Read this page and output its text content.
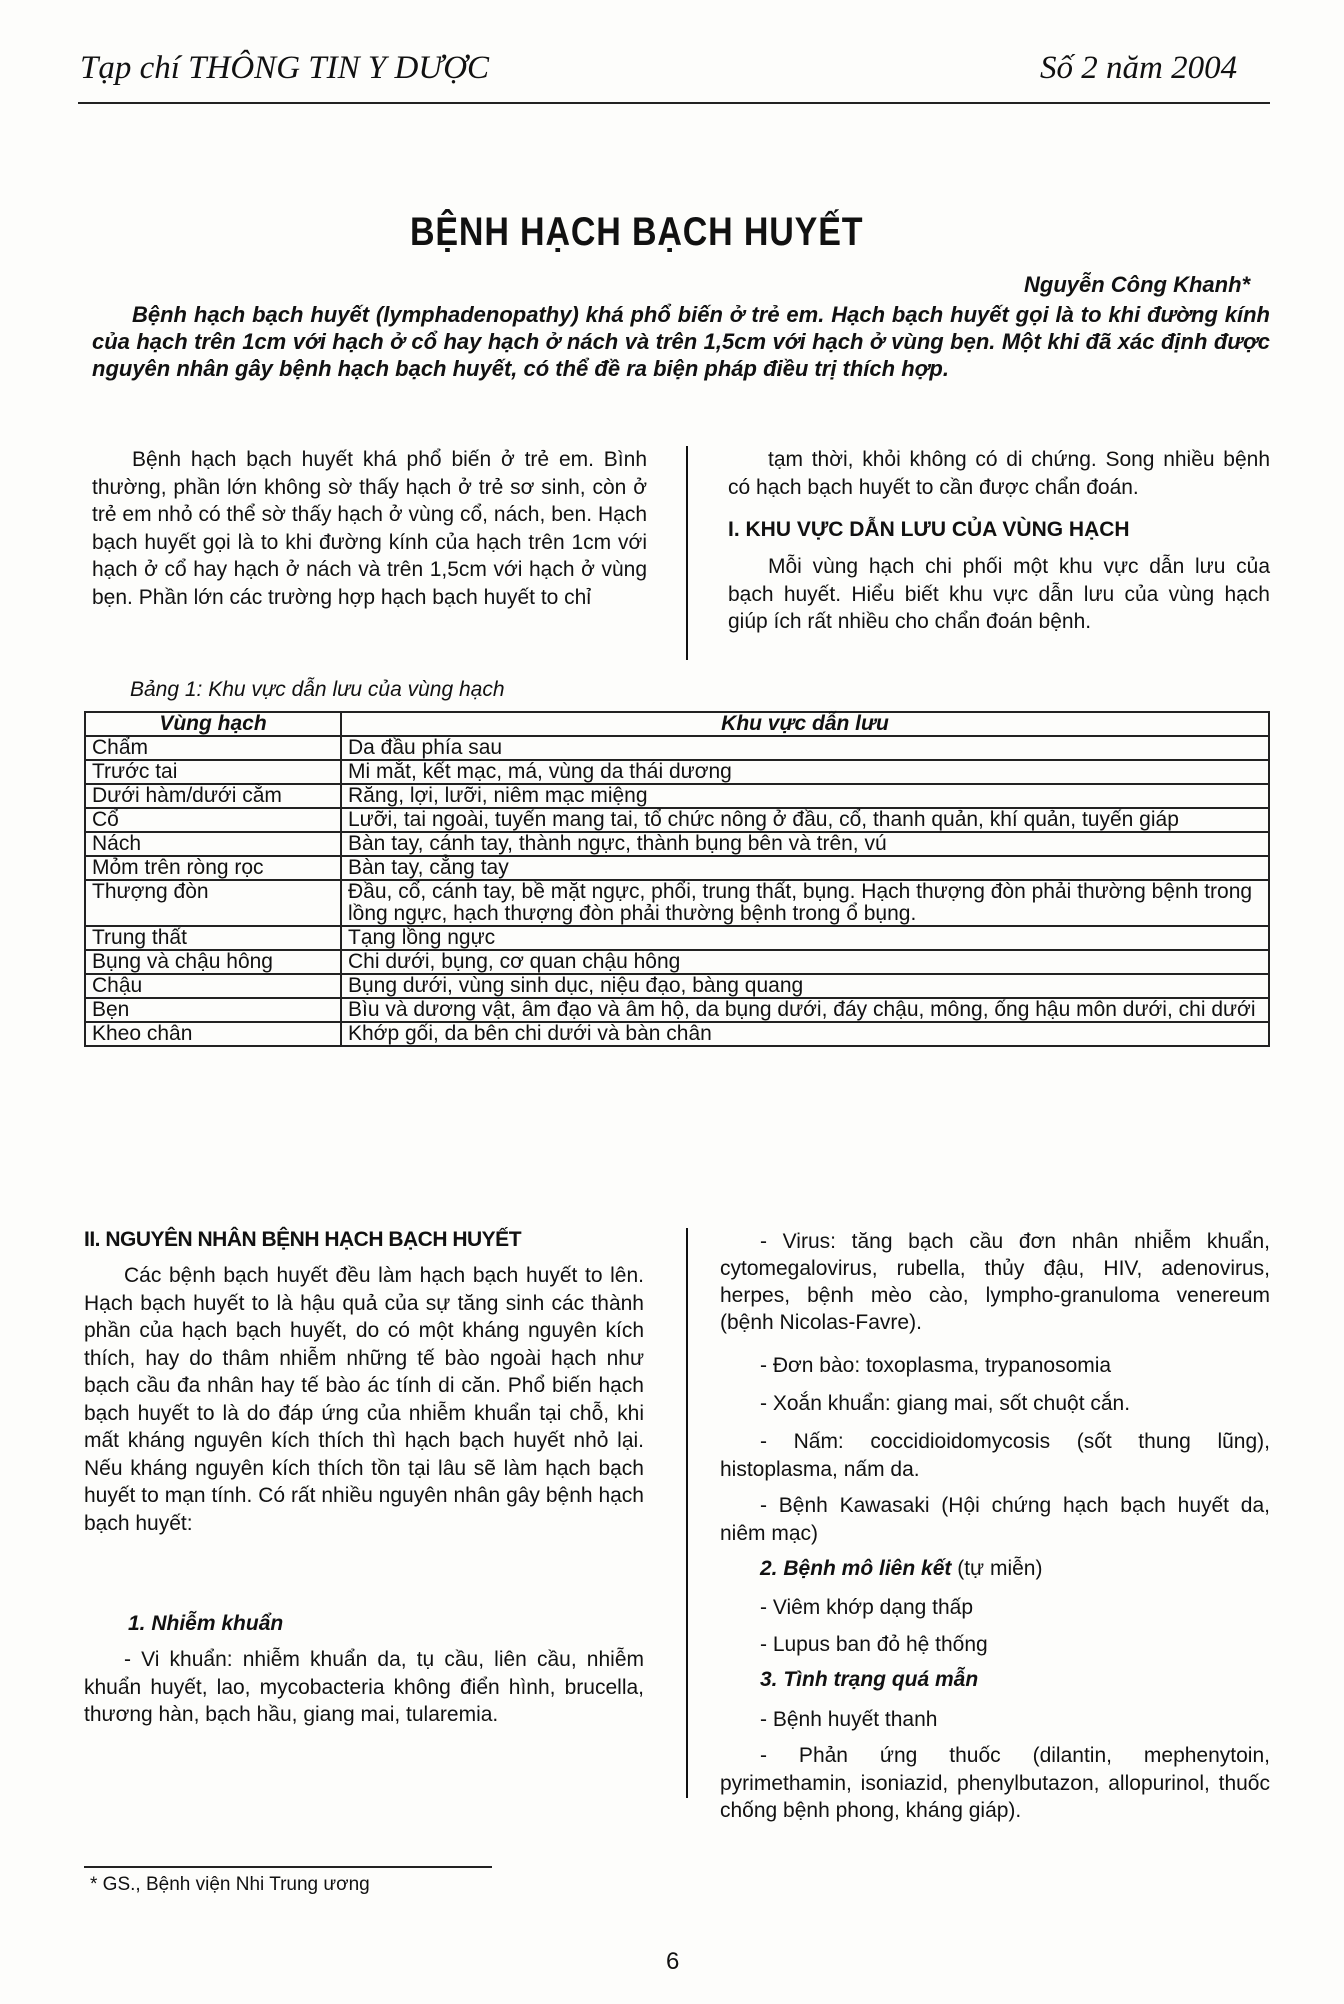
Tạp chí THÔNG TIN Y DƯỢC	Số 2 năm 2004
BỆNH HẠCH BẠCH HUYẾT
Nguyễn Công Khanh*
Bệnh hạch bạch huyết (lymphadenopathy) khá phổ biến ở trẻ em. Hạch bạch huyết gọi là to khi đường kính của hạch trên 1cm với hạch ở cổ hay hạch ở nách và trên 1,5cm với hạch ở vùng bẹn. Một khi đã xác định được nguyên nhân gây bệnh hạch bạch huyết, có thể đề ra biện pháp điều trị thích hợp.

Bệnh hạch bạch huyết khá phổ biến ở trẻ em. Bình thường, phần lớn không sờ thấy hạch ở trẻ sơ sinh, còn ở trẻ em nhỏ có thể sờ thấy hạch ở vùng cổ, nách, ben. Hạch bạch huyết gọi là to khi đường kính của hạch trên 1cm với hạch ở cổ hay hạch ở nách và trên 1,5cm với hạch ở vùng bẹn. Phần lớn các trường hợp hạch bạch huyết to chỉ

tạm thời, khỏi không có di chứng. Song nhiều bệnh có hạch bạch huyết to cần được chẩn đoán.

I. KHU VỰC DẪN LƯU CỦA VÙNG HẠCH

Mỗi vùng hạch chi phối một khu vực dẫn lưu của bạch huyết. Hiểu biết khu vực dẫn lưu của vùng hạch giúp ích rất nhiều cho chẩn đoán bệnh.

Bảng 1: Khu vực dẫn lưu của vùng hạch
Vùng hạch	Khu vực dẫn lưu
Chẩm	Da đầu phía sau
Trước tai	Mi mắt, kết mạc, má, vùng da thái dương
Dưới hàm/dưới cằm	Răng, lợi, lưỡi, niêm mạc miệng
Cổ	Lưỡi, tai ngoài, tuyến mang tai, tổ chức nông ở đầu, cổ, thanh quản, khí quản, tuyến giáp
Nách	Bàn tay, cánh tay, thành ngực, thành bụng bên và trên, vú
Mỏm trên ròng rọc	Bàn tay, cẳng tay
Thượng đòn	Đầu, cổ, cánh tay, bề mặt ngực, phổi, trung thất, bụng. Hạch thượng đòn phải thường bệnh trong lồng ngực, hạch thượng đòn phải thường bệnh trong ổ bụng.
Trung thất	Tạng lồng ngực
Bụng và chậu hông	Chi dưới, bụng, cơ quan chậu hông
Chậu	Bụng dưới, vùng sinh dục, niệu đạo, bàng quang
Bẹn	Bìu và dương vật, âm đạo và âm hộ, da bụng dưới, đáy chậu, mông, ống hậu môn dưới, chi dưới
Kheo chân	Khớp gối, da bên chi dưới và bàn chân
II. NGUYÊN NHÂN BỆNH HẠCH BẠCH HUYẾT

Các bệnh bạch huyết đều làm hạch bạch huyết to lên. Hạch bạch huyết to là hậu quả của sự tăng sinh các thành phần của hạch bạch huyết, do có một kháng nguyên kích thích, hay do thâm nhiễm những tế bào ngoài hạch như bạch cầu đa nhân hay tế bào ác tính di căn. Phổ biến hạch bạch huyết to là do đáp ứng của nhiễm khuẩn tại chỗ, khi mất kháng nguyên kích thích thì hạch bạch huyết nhỏ lại. Nếu kháng nguyên kích thích tồn tại lâu sẽ làm hạch bạch huyết to mạn tính. Có rất nhiều nguyên nhân gây bệnh hạch bạch huyết:

1. Nhiễm khuẩn

- Vi khuẩn: nhiễm khuẩn da, tụ cầu, liên cầu, nhiễm khuẩn huyết, lao, mycobacteria không điển hình, brucella, thương hàn, bạch hầu, giang mai, tularemia.

- Virus: tăng bạch cầu đơn nhân nhiễm khuẩn, cytomegalovirus, rubella, thủy đậu, HIV, adenovirus, herpes, bệnh mèo cào, lympho-granuloma venereum (bệnh Nicolas-Favre).

- Đơn bào: toxoplasma, trypanosomia

- Xoắn khuẩn: giang mai, sốt chuột cắn.

- Nấm: coccidioidomycosis (sốt thung lũng), histoplasma, nấm da.

- Bệnh Kawasaki (Hội chứng hạch bạch huyết da, niêm mạc)

2. Bệnh mô liên kết (tự miễn)
- Viêm khớp dạng thấp
- Lupus ban đỏ hệ thống
3. Tình trạng quá mẫn
- Bệnh huyết thanh

- Phản ứng thuốc (dilantin, mephenytoin, pyrimethamin, isoniazid, phenylbutazon, allopurinol, thuốc chống bệnh phong, kháng giáp).

* GS., Bệnh viện Nhi Trung ương
6
